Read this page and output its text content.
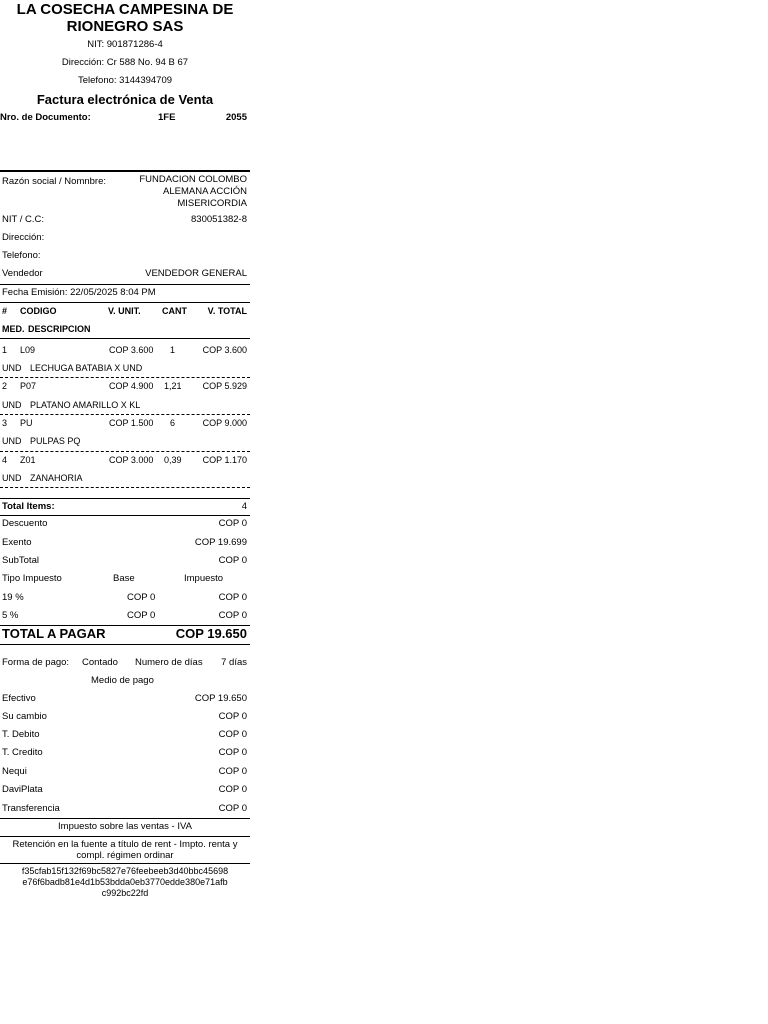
LA COSECHA CAMPESINA DE
RIONEGRO SAS
NIT: 901871286-4
Dirección: Cr 588 No. 94 B 67
Telefono: 3144394709
Factura electrónica de Venta
Nro. de Documento:	1FE	2055
Razón social / Nomnbre:	FUNDACION COLOMBO
ALEMANA ACCIÓN
MISERICORDIA
NIT / C.C:	830051382-8
Dirección:
Telefono:
Vendedor	VENDEDOR GENERAL
Fecha Emisión: 22/05/2025 8:04 PM
# CODIGO	V. UNIT. CANT V. TOTAL
MED. DESCRIPCION
1 L09	COP 3.600 1	COP 3.600
UND LECHUGA BATABIA X UND
2 P07	COP 4.900 1,21 COP 5.929
UND PLATANO AMARILLO X KL
3 PU	COP 1.500 6	COP 9.000
UND PULPAS PQ
4 Z01	COP 3.000 0,39 COP 1.170
UND ZANAHORIA
Total Items:	4
Descuento	COP 0
Exento	COP 19.699
SubTotal	COP 0
Tipo Impuesto	Base	Impuesto
19 %	COP 0	COP 0
5 %	COP 0	COP 0
TOTAL A PAGAR	COP 19.650
Forma de pago: Contado Numero de días 7 días
Medio de pago
Efectivo	COP 19.650
Su cambio	COP 0
T. Debito	COP 0
T. Credito	COP 0
Nequi	COP 0
DaviPlata	COP 0
Transferencia	COP 0
Impuesto sobre las ventas - IVA
Retención en la fuente a título de rent - Impto. renta y
compl. régimen ordinar
f35cfab15f132f69bc5827e76feebeeb3d40bbc45698
e76f6badb81e4d1b53bdda0eb3770edde380e71afb
c992bc22fd
